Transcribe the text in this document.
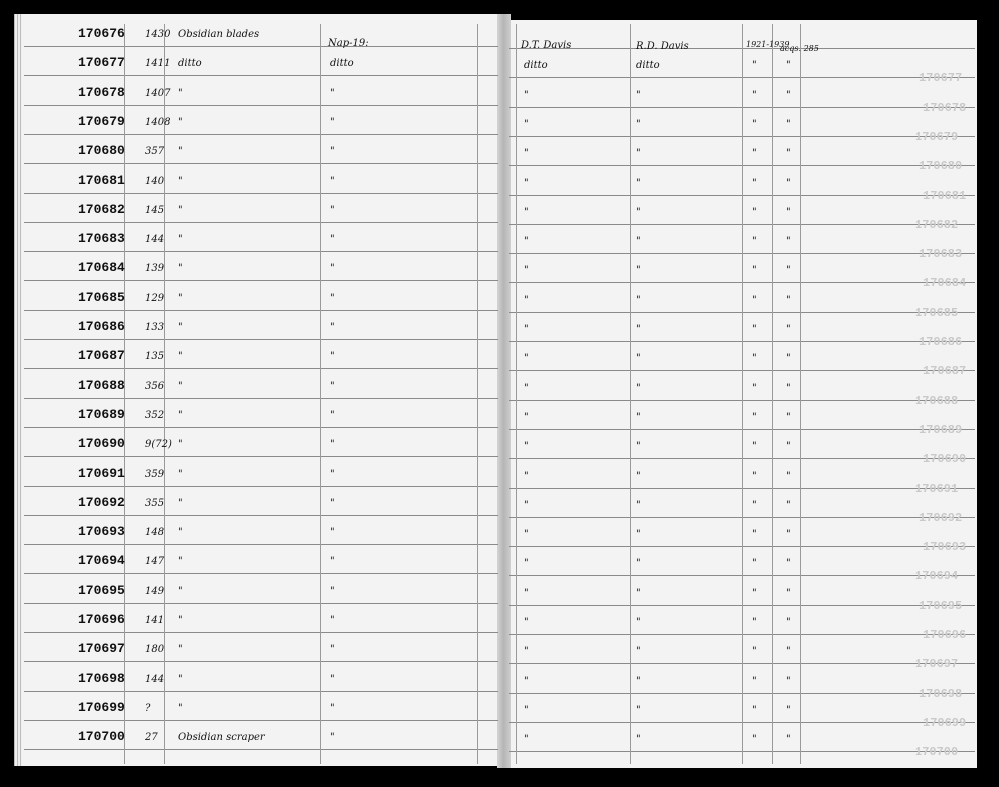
D.T. Davis	R.D. Davis	1921-1939
acqs. 285
Nap-19:
170676 1430 Obsidian blades
170677 1411 ditto	ditto	ditto	ditto	"	"
170678 1407 "	"	"	"	"	"
170679 1408 "	"	"	"	"	"
170680 357 "	"	"	"	"	"
170681 140 "	"	"	"	"	"
170682 145 "	"	"	"	"	"
170683 144 "	"	"	"	"	"
170684 139 "	"	"	"	"	"
170685 129 "	"	"	"	"	"
170686 133 "	"	"	"	"	"
170687 135 "	"	"	"	"	"
170688 356 "	"	"	"	"	"
170689 352 "	"	"	"	"	"
170690 9(72) "	"	"	"	"	"
170691 359 "	"	"	"	"	"
170692 355 "	"	"	"	"	"
170693 148 "	"	"	"	"	"
170694 147 "	"	"	"	"	"
170695 149 "	"	"	"	"	"
170696 141 "	"	"	"	"	"
170697 180 "	"	"	"	"	"
170698 144 "	"	"	"	"	"
170699 ?	"	"	"	"	"	"
170700 27 Obsidian scraper	"	"	"	"	"
170677
170678
170679
170680
170681
170682
170683
170684
170685
170686
170687
170688
170689
170690
170691
170692
170693
170694
170695
170696
170697
170698
170699
170700
